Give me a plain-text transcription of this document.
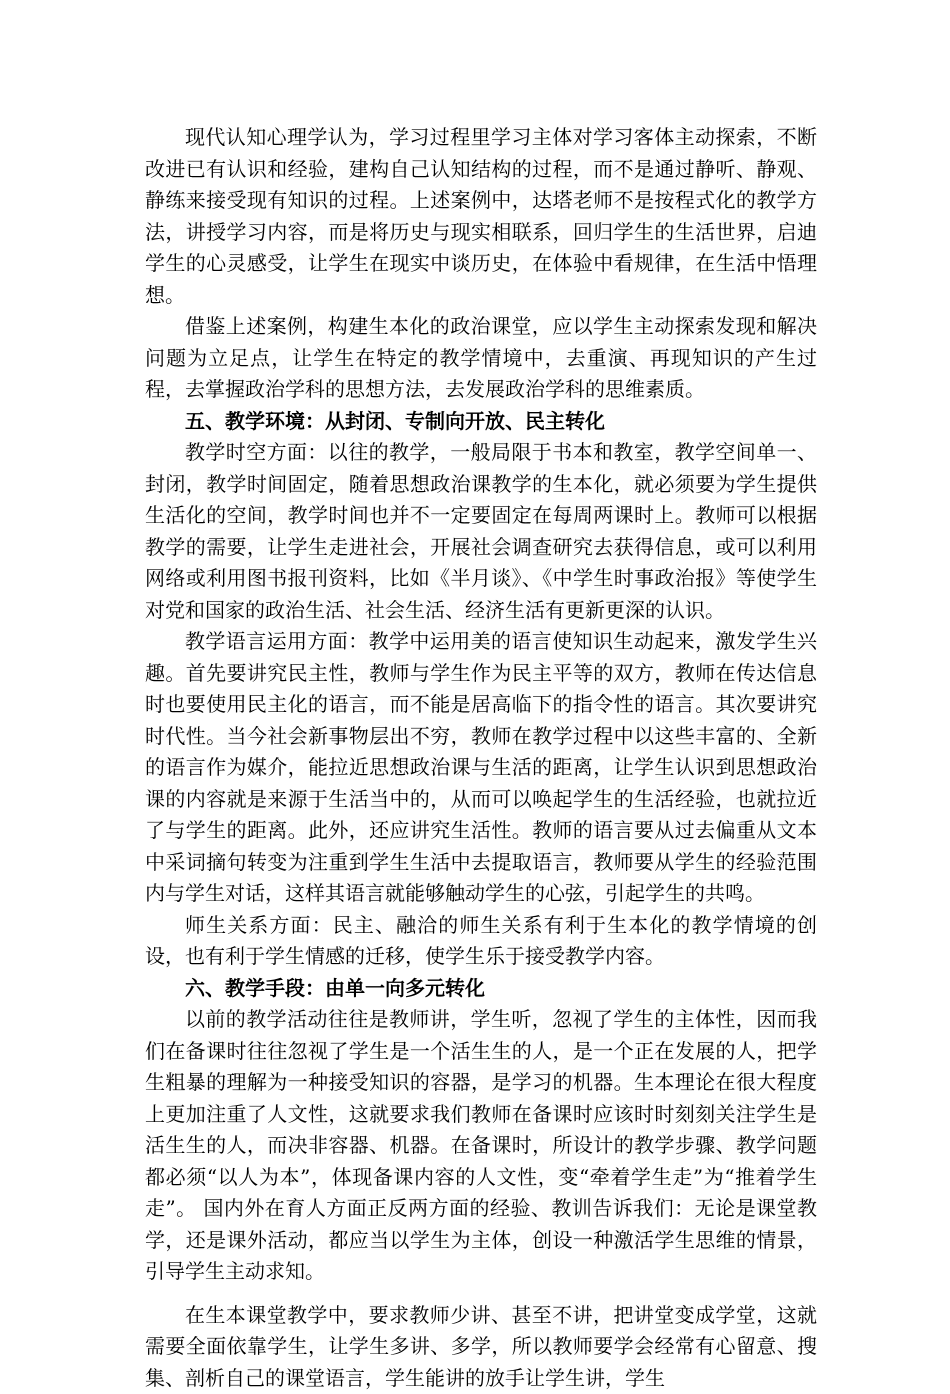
现代认知心理学认为，学习过程里学习主体对学习客体主动探索，不断改进已有认识和经验，建构自己认知结构的过程，而不是通过静听、静观、静练来接受现有知识的过程。上述案例中，达塔老师不是按程式化的教学方法，讲授学习内容，而是将历史与现实相联系，回归学生的生活世界，启迪学生的心灵感受，让学生在现实中谈历史，在体验中看规律，在生活中悟理想。

借鉴上述案例，构建生本化的政治课堂，应以学生主动探索发现和解决问题为立足点，让学生在特定的教学情境中，去重演、再现知识的产生过程，去掌握政治学科的思想方法，去发展政治学科的思维素质。

五、教学环境：从封闭、专制向开放、民主转化

教学时空方面：以往的教学，一般局限于书本和教室，教学空间单一、封闭，教学时间固定，随着思想政治课教学的生本化，就必须要为学生提供生活化的空间，教学时间也并不一定要固定在每周两课时上。教师可以根据教学的需要，让学生走进社会，开展社会调查研究去获得信息，或可以利用网络或利用图书报刊资料，比如《半月谈》、《中学生时事政治报》等使学生对党和国家的政治生活、社会生活、经济生活有更新更深的认识。

教学语言运用方面：教学中运用美的语言使知识生动起来，激发学生兴趣。首先要讲究民主性，教师与学生作为民主平等的双方，教师在传达信息时也要使用民主化的语言，而不能是居高临下的指令性的语言。其次要讲究时代性。当今社会新事物层出不穷，教师在教学过程中以这些丰富的、全新的语言作为媒介，能拉近思想政治课与生活的距离，让学生认识到思想政治课的内容就是来源于生活当中的，从而可以唤起学生的生活经验，也就拉近了与学生的距离。此外，还应讲究生活性。教师的语言要从过去偏重从文本中采词摘句转变为注重到学生生活中去提取语言，教师要从学生的经验范围内与学生对话，这样其语言就能够触动学生的心弦，引起学生的共鸣。

师生关系方面：民主、融洽的师生关系有利于生本化的教学情境的创设，也有利于学生情感的迁移，使学生乐于接受教学内容。

六、教学手段：由单一向多元转化

以前的教学活动往往是教师讲，学生听，忽视了学生的主体性，因而我们在备课时往往忽视了学生是一个活生生的人，是一个正在发展的人，把学生粗暴的理解为一种接受知识的容器，是学习的机器。生本理论在很大程度上更加注重了人文性，这就要求我们教师在备课时应该时时刻刻关注学生是活生生的人，而决非容器、机器。在备课时，所设计的教学步骤、教学问题都必须“以人为本”，体现备课内容的人文性，变“牵着学生走”为“推着学生走”。 国内外在育人方面正反两方面的经验、教训告诉我们：无论是课堂教学，还是课外活动，都应当以学生为主体，创设一种激活学生思维的情景，引导学生主动求知。

在生本课堂教学中，要求教师少讲、甚至不讲，把讲堂变成学堂，这就需要全面依靠学生，让学生多讲、多学，所以教师要学会经常有心留意、搜集、剖析自己的课堂语言，学生能讲的放手让学生讲，学生
